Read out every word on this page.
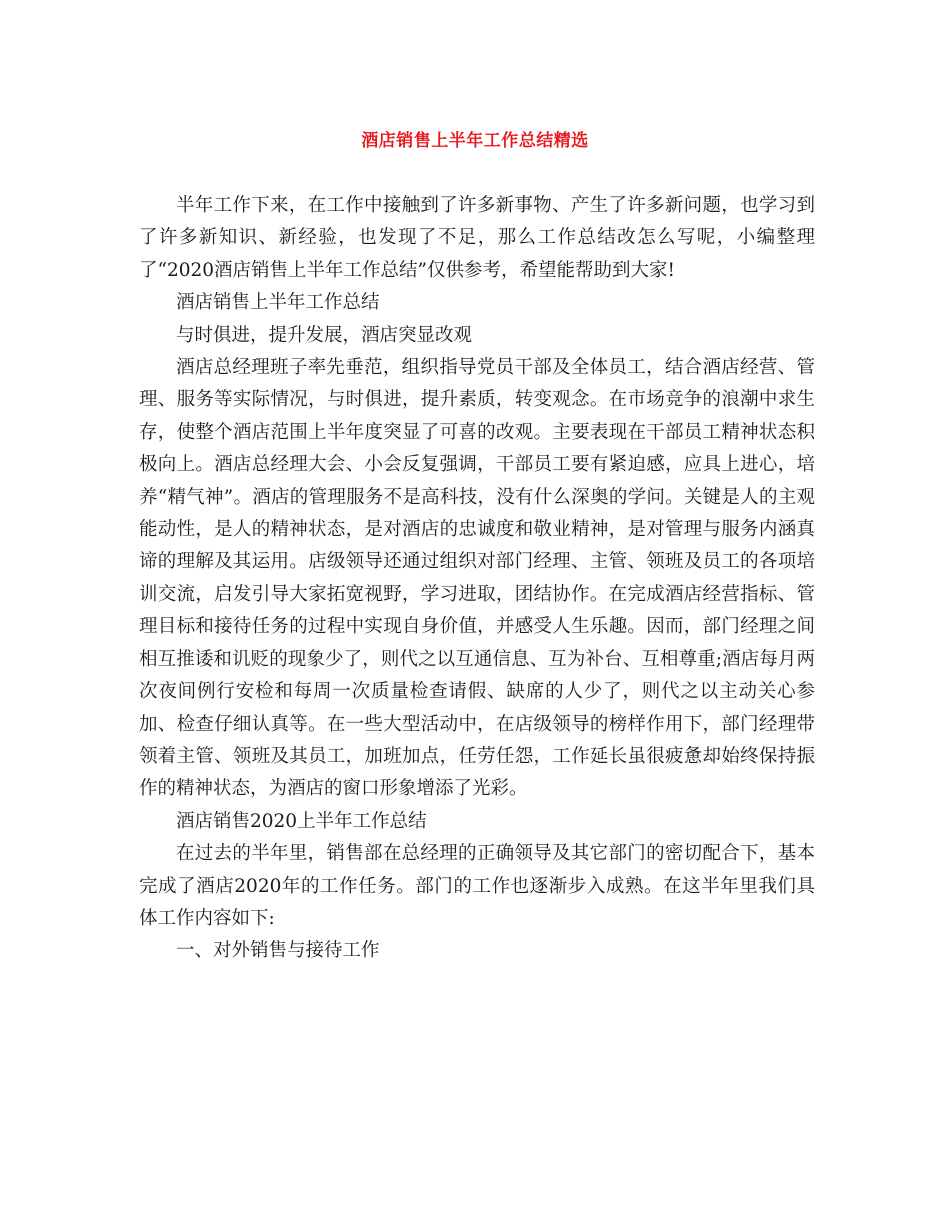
酒店销售上半年工作总结精选

半年工作下来，在工作中接触到了许多新事物、产生了许多新问题，也学习到了许多新知识、新经验，也发现了不足，那么工作总结改怎么写呢，小编整理了“2020酒店销售上半年工作总结”仅供参考，希望能帮助到大家!

酒店销售上半年工作总结

与时俱进，提升发展，酒店突显改观

酒店总经理班子率先垂范，组织指导党员干部及全体员工，结合酒店经营、管理、服务等实际情况，与时俱进，提升素质，转变观念。在市场竞争的浪潮中求生存，使整个酒店范围上半年度突显了可喜的改观。主要表现在干部员工精神状态积极向上。酒店总经理大会、小会反复强调，干部员工要有紧迫感，应具上进心，培养“精气神”。酒店的管理服务不是高科技，没有什么深奥的学问。关键是人的主观能动性，是人的精神状态，是对酒店的忠诚度和敬业精神，是对管理与服务内涵真谛的理解及其运用。店级领导还通过组织对部门经理、主管、领班及员工的各项培训交流，启发引导大家拓宽视野，学习进取，团结协作。在完成酒店经营指标、管理目标和接待任务的过程中实现自身价值，并感受人生乐趣。因而，部门经理之间相互推诿和讥贬的现象少了，则代之以互通信息、互为补台、互相尊重;酒店每月两次夜间例行安检和每周一次质量检查请假、缺席的人少了，则代之以主动关心参加、检查仔细认真等。在一些大型活动中，在店级领导的榜样作用下，部门经理带领着主管、领班及其员工，加班加点，任劳任怨，工作延长虽很疲惫却始终保持振作的精神状态，为酒店的窗口形象增添了光彩。

酒店销售2020上半年工作总结

在过去的半年里，销售部在总经理的正确领导及其它部门的密切配合下，基本完成了酒店2020年的工作任务。部门的工作也逐渐步入成熟。在这半年里我们具体工作内容如下:

一、对外销售与接待工作
